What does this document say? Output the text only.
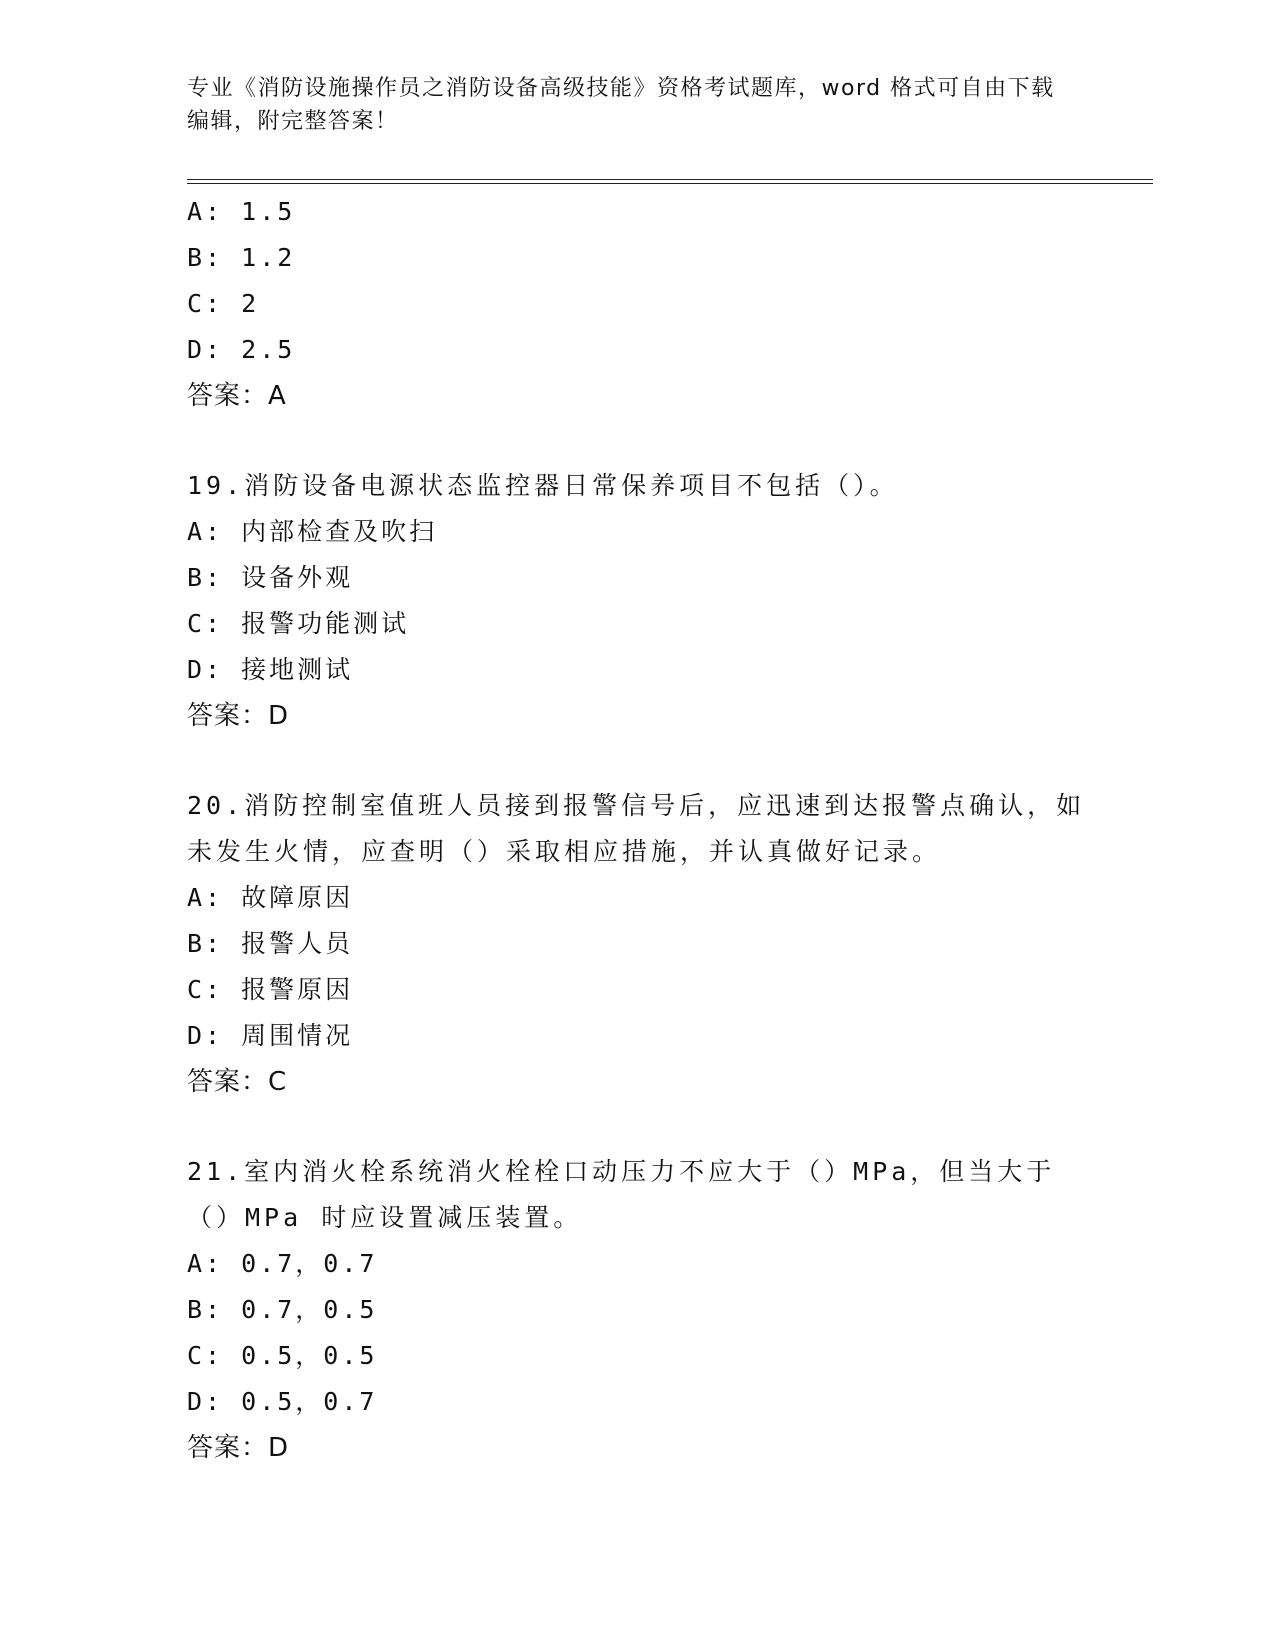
专业《消防设施操作员之消防设备高级技能》资格考试题库，word 格式可自由下载编辑，附完整答案！
A: 1.5
B: 1.2
C: 2
D: 2.5
答案：A
19.消防设备电源状态监控器日常保养项目不包括（）。
A: 内部检查及吹扫
B: 设备外观
C: 报警功能测试
D: 接地测试
答案：D
20.消防控制室值班人员接到报警信号后，应迅速到达报警点确认，如未发生火情，应查明（）采取相应措施，并认真做好记录。
A: 故障原因
B: 报警人员
C: 报警原因
D: 周围情况
答案：C
21.室内消火栓系统消火栓栓口动压力不应大于（）MPa，但当大于（）MPa 时应设置减压装置。
A: 0.7，0.7
B: 0.7，0.5
C: 0.5，0.5
D: 0.5，0.7
答案：D
